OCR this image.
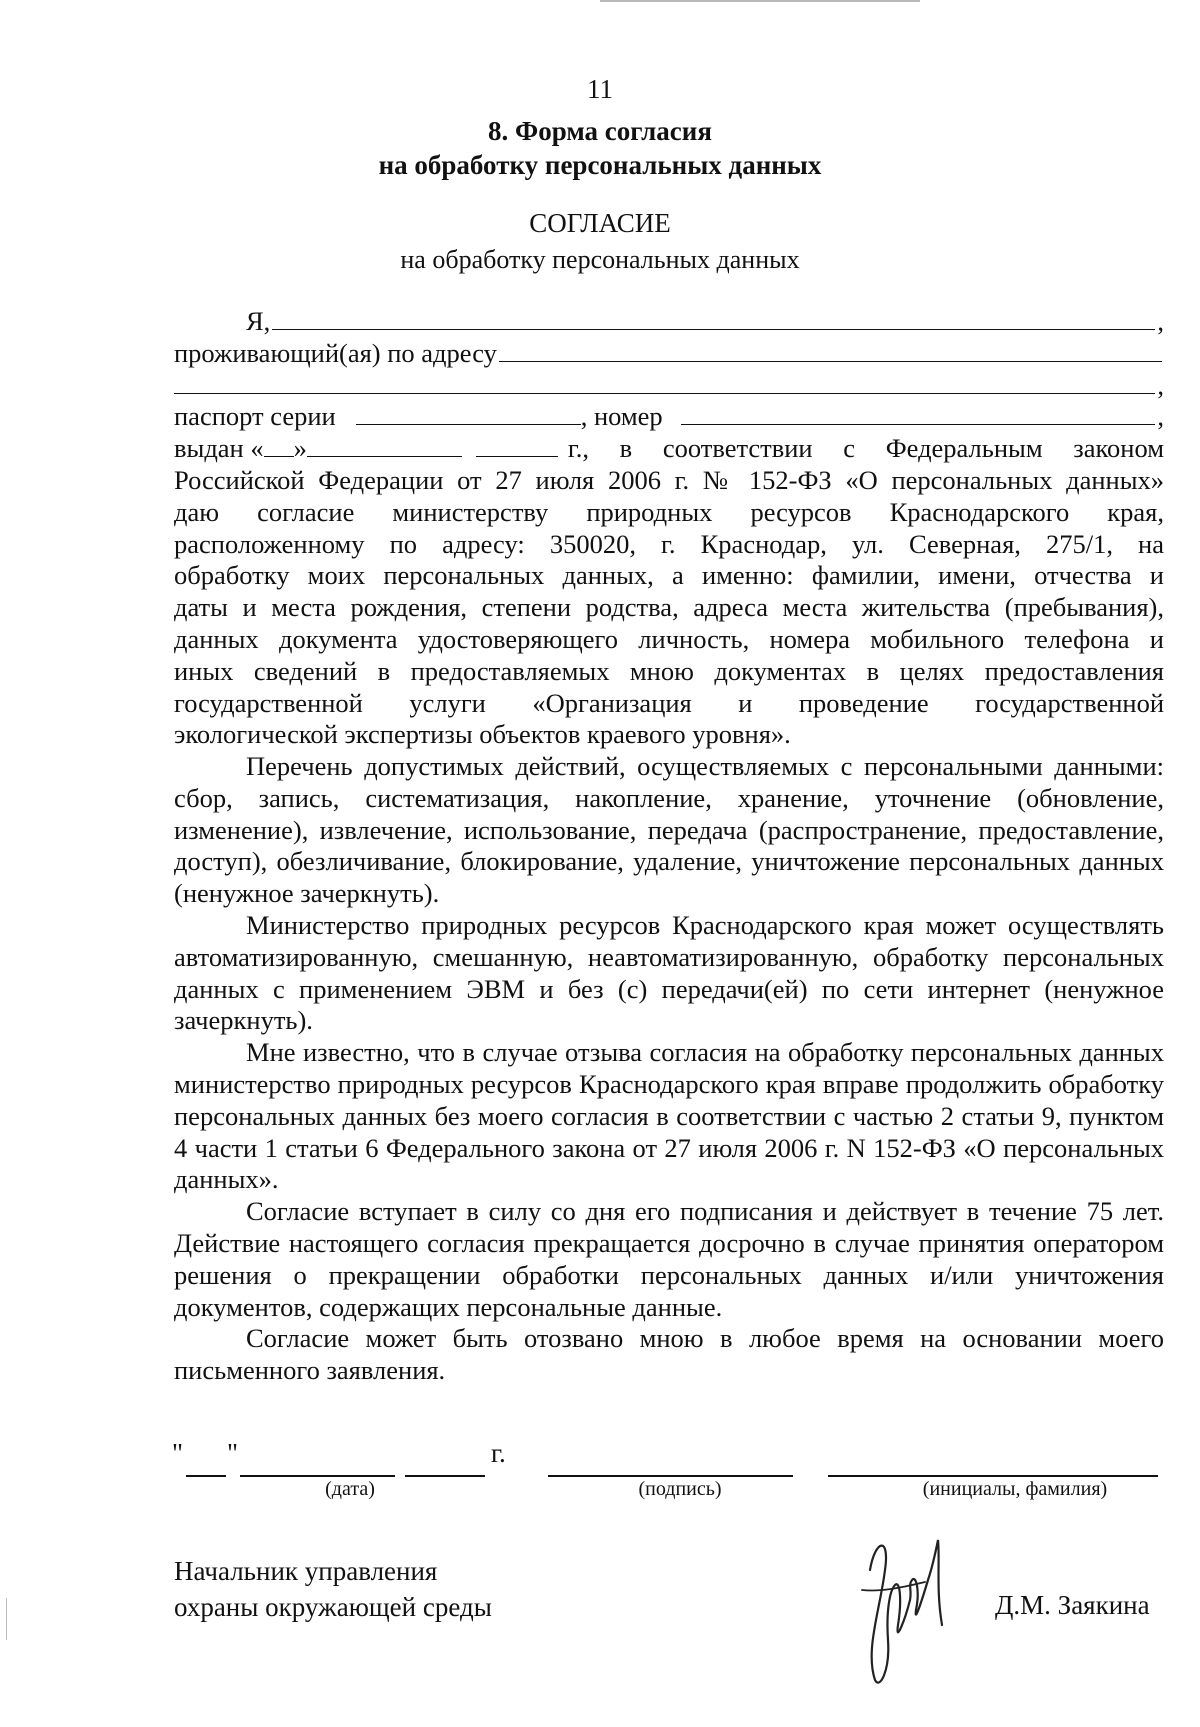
11
8. Форма согласия
на обработку персональных данных
СОГЛАСИЕ
на обработку персональных данных
Я,	,
проживающий(ая) по адресу
,
паспорт серии	, номер	,
выдан « »	г., в соответствии с Федеральным законом
Российской Федерации от 27 июля 2006 г. № 152-ФЗ «О персональных данных»
даю согласие министерству природных ресурсов Краснодарского края,
расположенному по адресу: 350020, г. Краснодар, ул. Северная, 275/1, на
обработку моих персональных данных, а именно: фамилии, имени, отчества и
даты и места рождения, степени родства, адреса места жительства (пребывания),
данных документа удостоверяющего личность, номера мобильного телефона и
иных сведений в предоставляемых мною документах в целях предоставления
государственной услуги «Организация и проведение государственной
экологической экспертизы объектов краевого уровня».

Перечень допустимых действий, осуществляемых с персональными данными: сбор, запись, систематизация, накопление, хранение, уточнение (обновление, изменение), извлечение, использование, передача (распространение, предоставление, доступ), обезличивание, блокирование, удаление, уничтожение персональных данных (ненужное зачеркнуть).

Министерство природных ресурсов Краснодарского края может осуществлять автоматизированную, смешанную, неавтоматизированную, обработку персональных данных с применением ЭВМ и без (с) передачи(ей) по сети интернет (ненужное зачеркнуть).

Мне известно, что в случае отзыва согласия на обработку персональных данных министерство природных ресурсов Краснодарского края вправе продолжить обработку персональных данных без моего согласия в соответствии с частью 2 статьи 9, пунктом 4 части 1 статьи 6 Федерального закона от 27 июля 2006 г. N 152-ФЗ «О персональных данных».

Согласие вступает в силу со дня его подписания и действует в течение 75 лет. Действие настоящего согласия прекращается досрочно в случае принятия оператором решения о прекращении обработки персональных данных и/или уничтожения документов, содержащих персональные данные.

Согласие может быть отозвано мною в любое время на основании моего письменного заявления.

" "	г.
(дата)	(подпись)	(инициалы, фамилия)
Начальник управления
охраны окружающей среды	Д.М. Заякина
